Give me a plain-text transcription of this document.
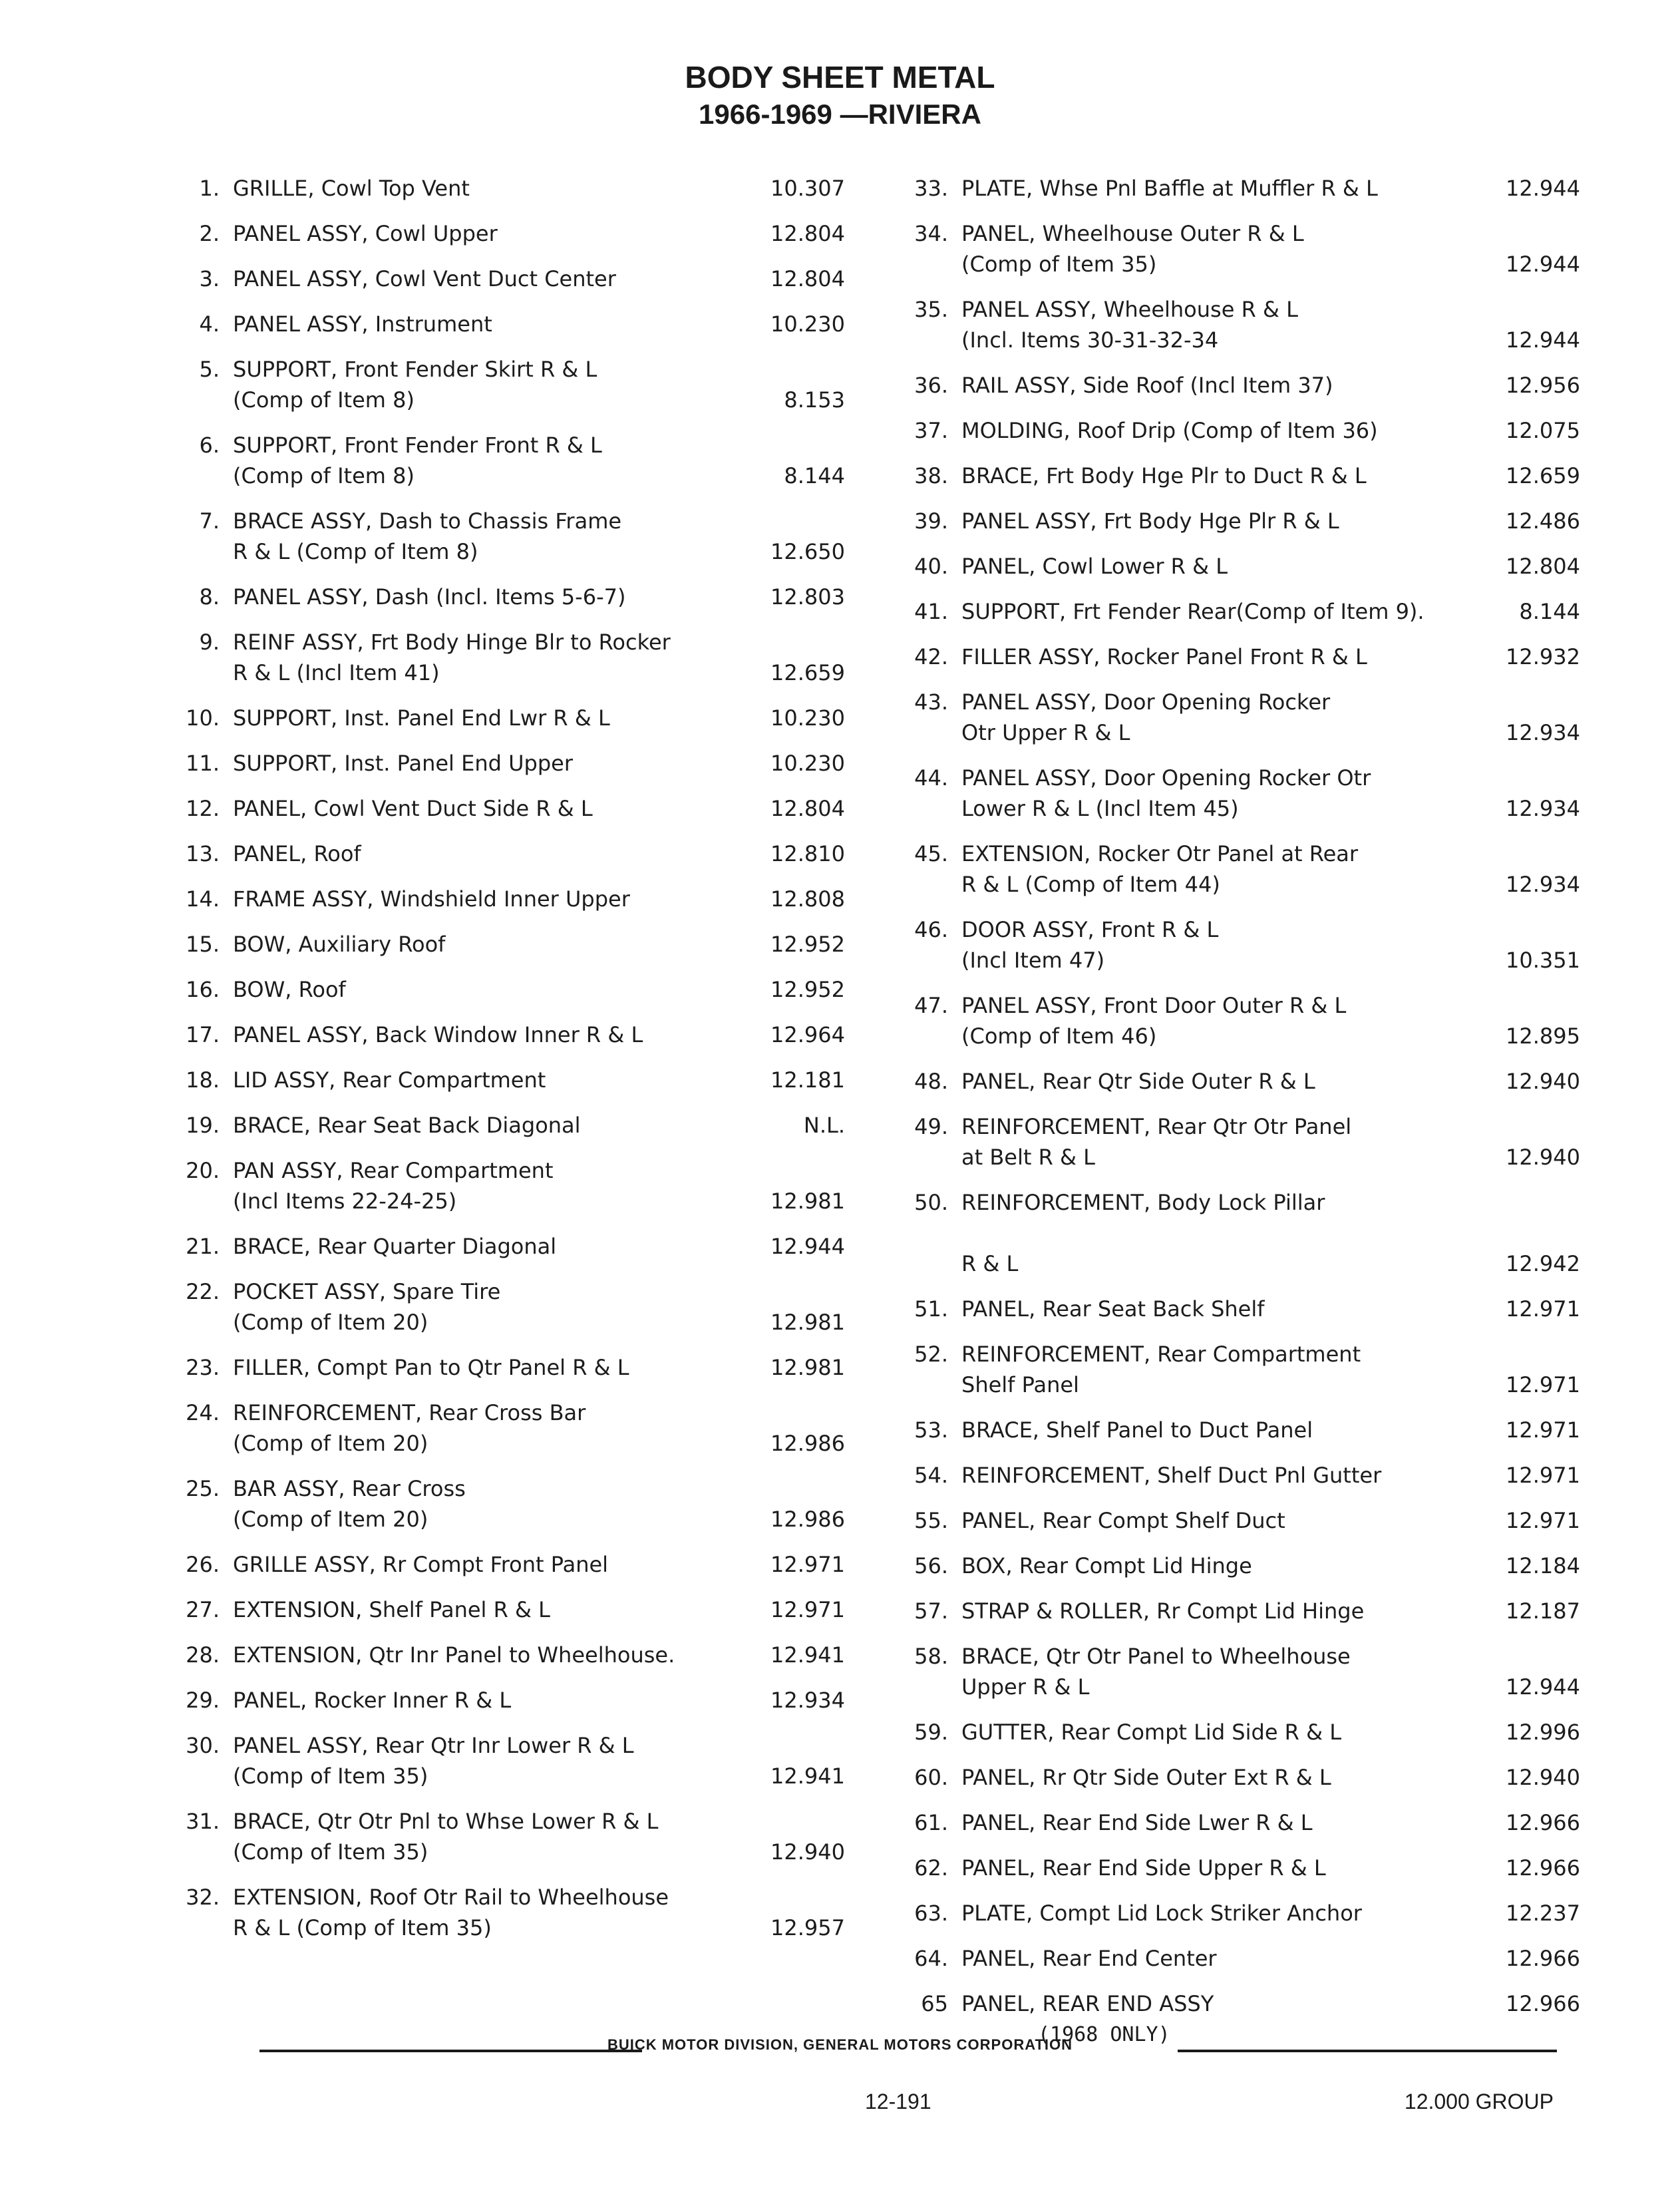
BODY SHEET METAL
1966-1969 —RIVIERA
1. GRILLE, Cowl Top Vent	10.307
2. PANEL ASSY, Cowl Upper	12.804
3. PANEL ASSY, Cowl Vent Duct Center	12.804
4. PANEL ASSY, Instrument	10.230
5. SUPPORT, Front Fender Skirt R & L
(Comp of Item 8)	8.153
6. SUPPORT, Front Fender Front R & L
(Comp of Item 8)	8.144
7. BRACE ASSY, Dash to Chassis Frame
R & L (Comp of Item 8)	12.650
8. PANEL ASSY, Dash (Incl. Items 5-6-7)	12.803
9. REINF ASSY, Frt Body Hinge Blr to Rocker
R & L (Incl Item 41)	12.659
10. SUPPORT, Inst. Panel End Lwr R & L	10.230
11. SUPPORT, Inst. Panel End Upper	10.230
12. PANEL, Cowl Vent Duct Side R & L	12.804
13. PANEL, Roof	12.810
14. FRAME ASSY, Windshield Inner Upper	12.808
15. BOW, Auxiliary Roof	12.952
16. BOW, Roof	12.952
17. PANEL ASSY, Back Window Inner R & L	12.964
18. LID ASSY, Rear Compartment	12.181
19. BRACE, Rear Seat Back Diagonal	N.L.
20. PAN ASSY, Rear Compartment
(Incl Items 22-24-25)	12.981
21. BRACE, Rear Quarter Diagonal	12.944
22. POCKET ASSY, Spare Tire
(Comp of Item 20)	12.981
23. FILLER, Compt Pan to Qtr Panel R & L	12.981
24. REINFORCEMENT, Rear Cross Bar
(Comp of Item 20)	12.986
25. BAR ASSY, Rear Cross
(Comp of Item 20)	12.986
26. GRILLE ASSY, Rr Compt Front Panel	12.971
27. EXTENSION, Shelf Panel R & L	12.971
28. EXTENSION, Qtr Inr Panel to Wheelhouse.	12.941
29. PANEL, Rocker Inner R & L	12.934
30. PANEL ASSY, Rear Qtr Inr Lower R & L
(Comp of Item 35)	12.941
31. BRACE, Qtr Otr Pnl to Whse Lower R & L
(Comp of Item 35)	12.940
32. EXTENSION, Roof Otr Rail to Wheelhouse
R & L (Comp of Item 35)	12.957
33. PLATE, Whse Pnl Baffle at Muffler R & L	12.944
34. PANEL, Wheelhouse Outer R & L
(Comp of Item 35)	12.944
35. PANEL ASSY, Wheelhouse R & L
(Incl. Items 30-31-32-34	12.944
36. RAIL ASSY, Side Roof (Incl Item 37)	12.956
37. MOLDING, Roof Drip (Comp of Item 36)	12.075
38. BRACE, Frt Body Hge Plr to Duct R & L	12.659
39. PANEL ASSY, Frt Body Hge Plr R & L	12.486
40. PANEL, Cowl Lower R & L	12.804
41. SUPPORT, Frt Fender Rear(Comp of Item 9).	8.144
42. FILLER ASSY, Rocker Panel Front R & L	12.932
43. PANEL ASSY, Door Opening Rocker
Otr Upper R & L	12.934
44. PANEL ASSY, Door Opening Rocker Otr
Lower R & L (Incl Item 45)	12.934
45. EXTENSION, Rocker Otr Panel at Rear
R & L (Comp of Item 44)	12.934
46. DOOR ASSY, Front R & L
(Incl Item 47)	10.351
47. PANEL ASSY, Front Door Outer R & L
(Comp of Item 46)	12.895
48. PANEL, Rear Qtr Side Outer R & L	12.940
49. REINFORCEMENT, Rear Qtr Otr Panel
at Belt R & L	12.940
50. REINFORCEMENT, Body Lock Pillar

R & L	12.942
51. PANEL, Rear Seat Back Shelf	12.971
52. REINFORCEMENT, Rear Compartment
Shelf Panel	12.971
53. BRACE, Shelf Panel to Duct Panel	12.971
54. REINFORCEMENT, Shelf Duct Pnl Gutter	12.971
55. PANEL, Rear Compt Shelf Duct	12.971
56. BOX, Rear Compt Lid Hinge	12.184
57. STRAP & ROLLER, Rr Compt Lid Hinge	12.187
58. BRACE, Qtr Otr Panel to Wheelhouse
Upper R & L	12.944
59. GUTTER, Rear Compt Lid Side R & L	12.996
60. PANEL, Rr Qtr Side Outer Ext R & L	12.940
61. PANEL, Rear End Side Lwer R & L	12.966
62. PANEL, Rear End Side Upper R & L	12.966
63. PLATE, Compt Lid Lock Striker Anchor	12.237
64. PANEL, Rear End Center	12.966
65 PANEL, REAR END ASSY	12.966
(1968 ONLY)
BUICK MOTOR DIVISION, GENERAL MOTORS CORPORATION
12-191	12.000 GROUP
